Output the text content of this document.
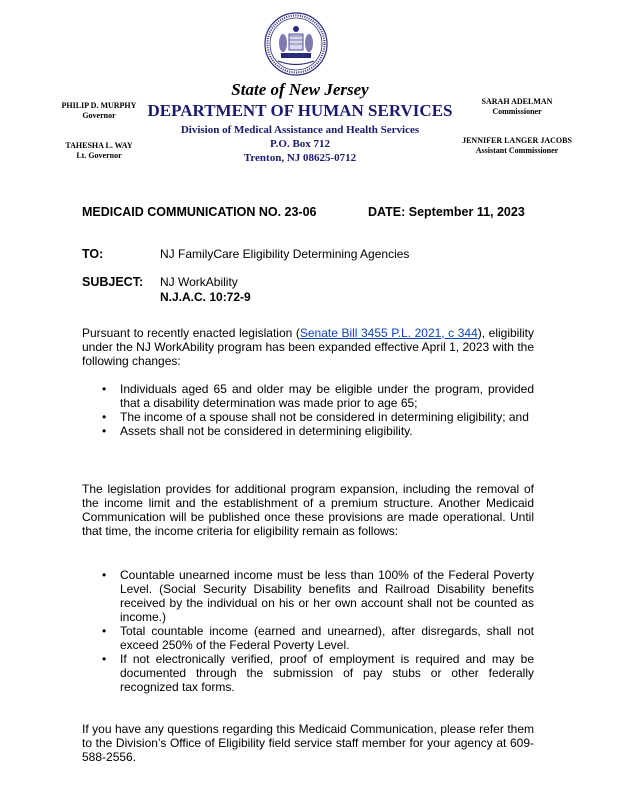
PHILIP D. MURPHY
Governor
TAHESHA L. WAY
Lt. Governor
SARAH ADELMAN
Commissioner
JENNIFER LANGER JACOBS
Assistant Commissioner
State of New Jersey
DEPARTMENT OF HUMAN SERVICES
Division of Medical Assistance and Health Services
P.O. Box 712
Trenton, NJ 08625-0712
MEDICAID COMMUNICATION NO. 23-06	DATE: September 11, 2023
TO:	NJ FamilyCare Eligibility Determining Agencies
SUBJECT: NJ WorkAbility
N.J.A.C. 10:72-9
Pursuant to recently enacted legislation (Senate Bill 3455 P.L. 2021, c 344), eligibility under the NJ WorkAbility program has been expanded effective April 1, 2023 with the following changes:
• Individuals aged 65 and older may be eligible under the program, provided that a disability determination was made prior to age 65;
• The income of a spouse shall not be considered in determining eligibility; and
• Assets shall not be considered in determining eligibility.
The legislation provides for additional program expansion, including the removal of the income limit and the establishment of a premium structure. Another Medicaid Communication will be published once these provisions are made operational. Until that time, the income criteria for eligibility remain as follows:
• Countable unearned income must be less than 100% of the Federal Poverty Level. (Social Security Disability benefits and Railroad Disability benefits received by the individual on his or her own account shall not be counted as income.)
• Total countable income (earned and unearned), after disregards, shall not exceed 250% of the Federal Poverty Level.
• If not electronically verified, proof of employment is required and may be documented through the submission of pay stubs or other federally recognized tax forms.
If you have any questions regarding this Medicaid Communication, please refer them to the Division’s Office of Eligibility field service staff member for your agency at 609-588-2556.
